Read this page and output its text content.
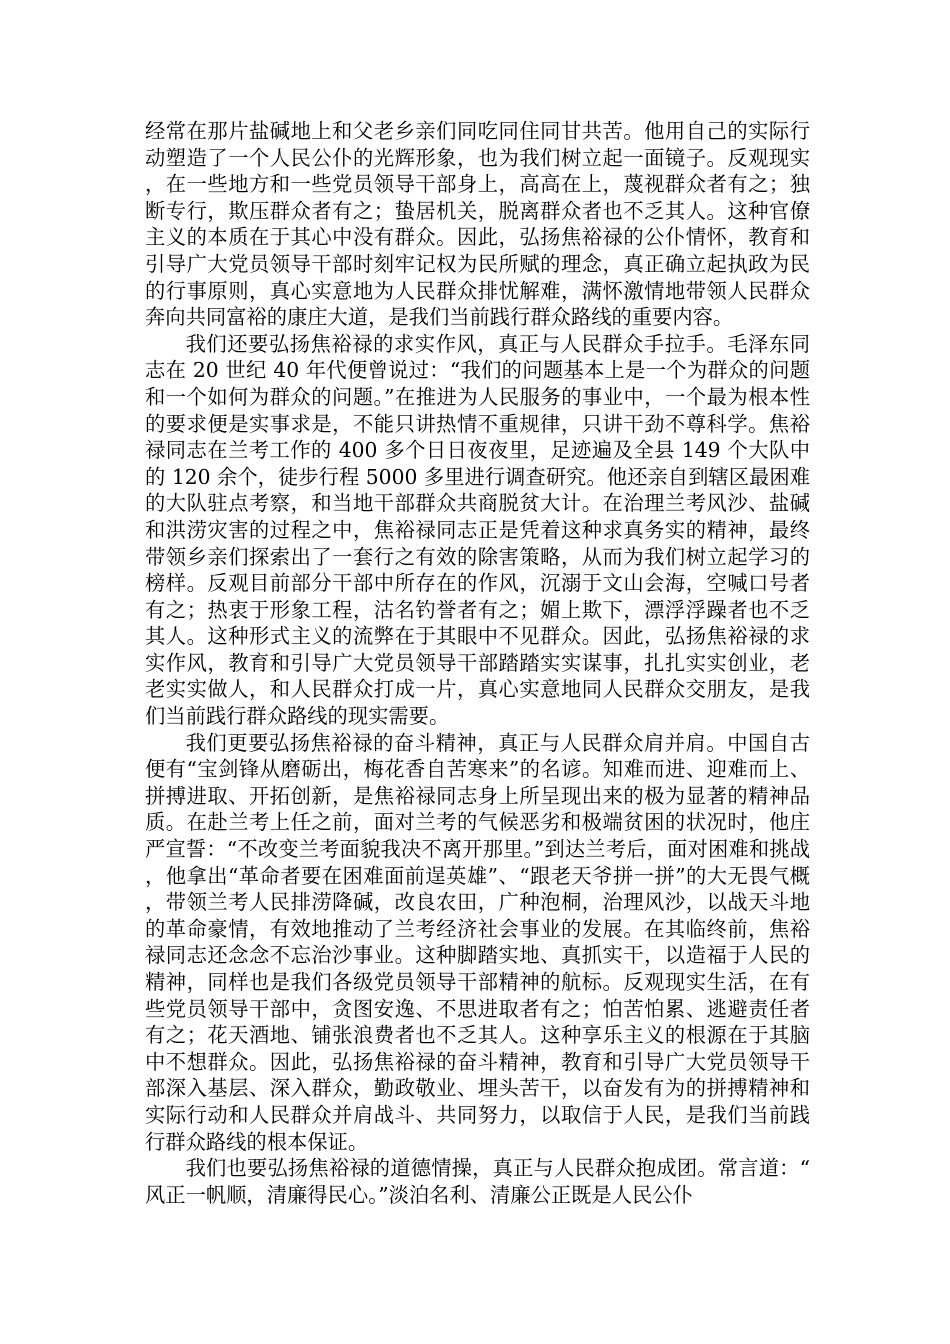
经常在那片盐碱地上和父老乡亲们同吃同住同甘共苦。他用自己的实际行动塑造了一个人民公仆的光辉形象，也为我们树立起一面镜子。反观现实，在一些地方和一些党员领导干部身上，高高在上，蔑视群众者有之；独断专行，欺压群众者有之；蛰居机关，脱离群众者也不乏其人。这种官僚主义的本质在于其心中没有群众。因此，弘扬焦裕禄的公仆情怀，教育和引导广大党员领导干部时刻牢记权为民所赋的理念，真正确立起执政为民的行事原则，真心实意地为人民群众排忧解难，满怀激情地带领人民群众奔向共同富裕的康庄大道，是我们当前践行群众路线的重要内容。

我们还要弘扬焦裕禄的求实作风，真正与人民群众手拉手。毛泽东同志在 20 世纪 40 年代便曾说过：“我们的问题基本上是一个为群众的问题和一个如何为群众的问题。”在推进为人民服务的事业中，一个最为根本性的要求便是实事求是，不能只讲热情不重规律，只讲干劲不尊科学。焦裕禄同志在兰考工作的 400 多个日日夜夜里，足迹遍及全县 149 个大队中的 120 余个，徒步行程 5000 多里进行调查研究。他还亲自到辖区最困难的大队驻点考察，和当地干部群众共商脱贫大计。在治理兰考风沙、盐碱和洪涝灾害的过程之中，焦裕禄同志正是凭着这种求真务实的精神，最终带领乡亲们探索出了一套行之有效的除害策略，从而为我们树立起学习的榜样。反观目前部分干部中所存在的作风，沉溺于文山会海，空喊口号者有之；热衷于形象工程，沽名钓誉者有之；媚上欺下，漂浮浮躁者也不乏其人。这种形式主义的流弊在于其眼中不见群众。因此，弘扬焦裕禄的求实作风，教育和引导广大党员领导干部踏踏实实谋事，扎扎实实创业，老老实实做人，和人民群众打成一片，真心实意地同人民群众交朋友，是我们当前践行群众路线的现实需要。

我们更要弘扬焦裕禄的奋斗精神，真正与人民群众肩并肩。中国自古便有“宝剑锋从磨砺出，梅花香自苦寒来”的名谚。知难而进、迎难而上、拼搏进取、开拓创新，是焦裕禄同志身上所呈现出来的极为显著的精神品质。在赴兰考上任之前，面对兰考的气候恶劣和极端贫困的状况时，他庄严宣誓：“不改变兰考面貌我决不离开那里。”到达兰考后，面对困难和挑战，他拿出“革命者要在困难面前逞英雄”、“跟老天爷拼一拼”的大无畏气概，带领兰考人民排涝降碱，改良农田，广种泡桐，治理风沙，以战天斗地的革命豪情，有效地推动了兰考经济社会事业的发展。在其临终前，焦裕禄同志还念念不忘治沙事业。这种脚踏实地、真抓实干，以造福于人民的精神，同样也是我们各级党员领导干部精神的航标。反观现实生活，在有些党员领导干部中，贪图安逸、不思进取者有之；怕苦怕累、逃避责任者有之；花天酒地、铺张浪费者也不乏其人。这种享乐主义的根源在于其脑中不想群众。因此，弘扬焦裕禄的奋斗精神，教育和引导广大党员领导干部深入基层、深入群众，勤政敬业、埋头苦干，以奋发有为的拼搏精神和实际行动和人民群众并肩战斗、共同努力，以取信于人民，是我们当前践行群众路线的根本保证。

我们也要弘扬焦裕禄的道德情操，真正与人民群众抱成团。常言道：“风正一帆顺，清廉得民心。”淡泊名利、清廉公正既是人民公仆
